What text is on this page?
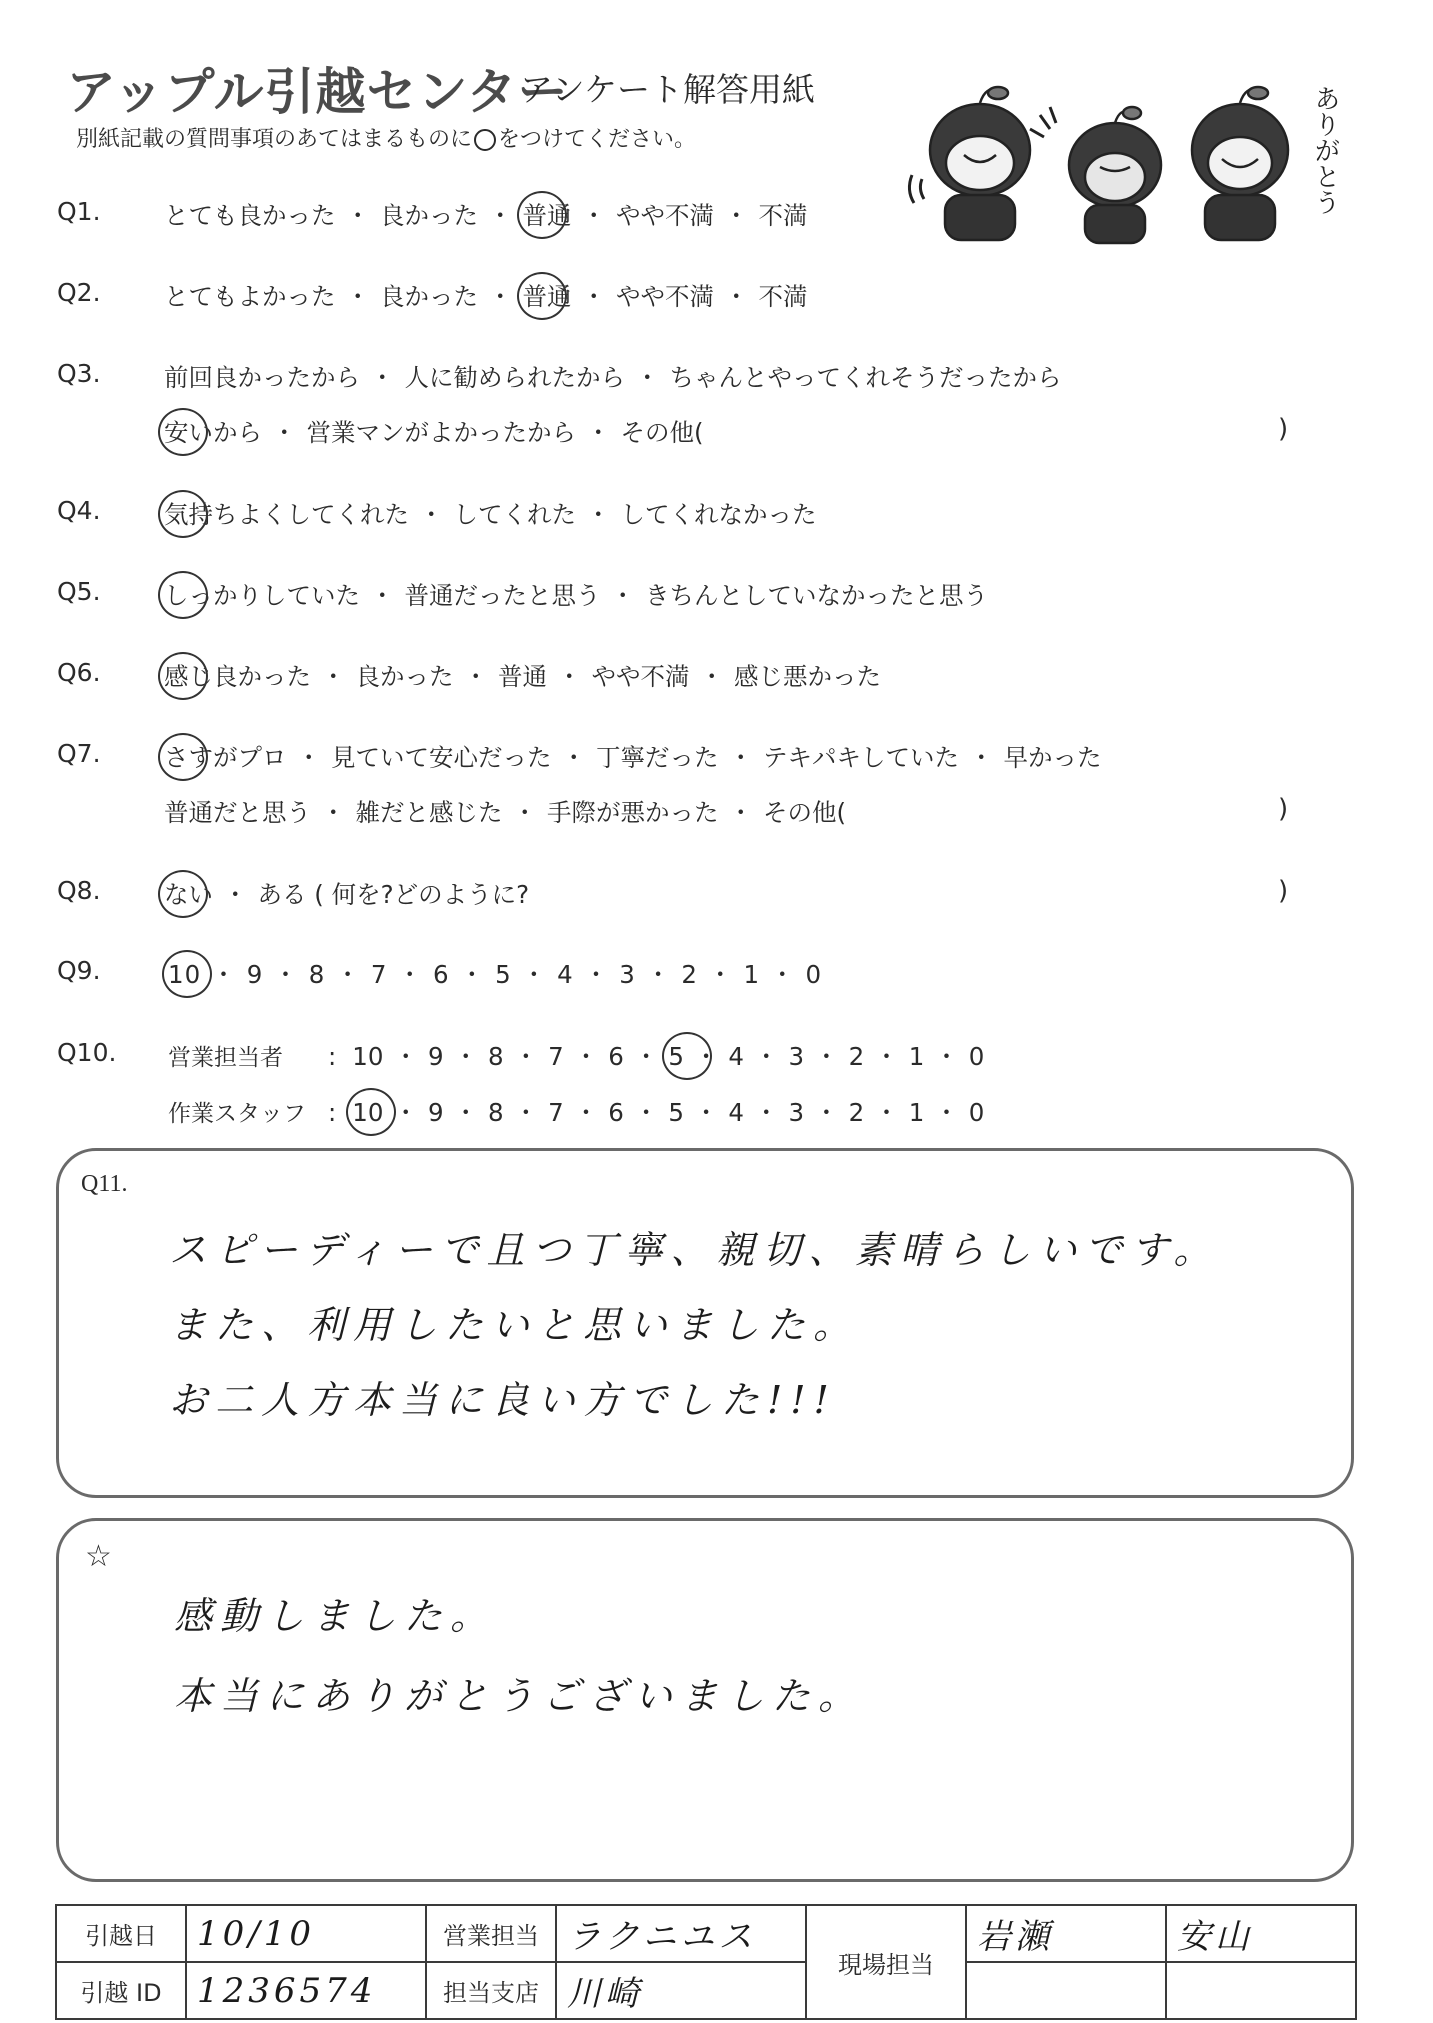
アップル引越センター
アンケート解答用紙
別紙記載の質問事項のあてはまるものに ○ をつけてください。	ありがとう
Q1.	とても良かった ・ 良かった ・ 普通 ・ やや不満 ・ 不満
Q2.	とてもよかった ・ 良かった ・ 普通 ・ やや不満 ・ 不満
Q3.	前回良かったから ・ 人に勧められたから ・ ちゃんとやってくれそうだったから
安いから ・ 営業マンがよかったから ・ その他(	)
Q4.	気持ちよくしてくれた ・ してくれた ・ してくれなかった
Q5.	しっかりしていた ・ 普通だったと思う ・ きちんとしていなかったと思う
Q6.	感じ良かった ・ 良かった ・ 普通 ・ やや不満 ・ 感じ悪かった
Q7.	さすがプロ ・ 見ていて安心だった ・ 丁寧だった ・ テキパキしていた ・ 早かった
普通だと思う ・ 雑だと感じた ・ 手際が悪かった ・ その他(	)
Q8.	ない ・ ある ( 何を?どのように?	)
Q9.	10 ・ 9 ・ 8 ・ 7 ・ 6 ・ 5 ・ 4 ・ 3 ・ 2 ・ 1 ・ 0
Q10. 営業担当者 : 10 ・ 9 ・ 8 ・ 7 ・ 6 ・ 5 ・ 4 ・ 3 ・ 2 ・ 1 ・ 0
作業スタッフ : 10 ・ 9 ・ 8 ・ 7 ・ 6 ・ 5 ・ 4 ・ 3 ・ 2 ・ 1 ・ 0
Q11.
スピーディーで且つ丁寧、親切、素晴らしいです。
また、利用したいと思いました。
お二人方本当に良い方でした!!!
☆
感動しました。
本当にありがとうございました。
引越日	10/10	営業担当	ラクニユス	現場担当	岩瀬	安山
引越 ID	1236574	担当支店	川崎			
